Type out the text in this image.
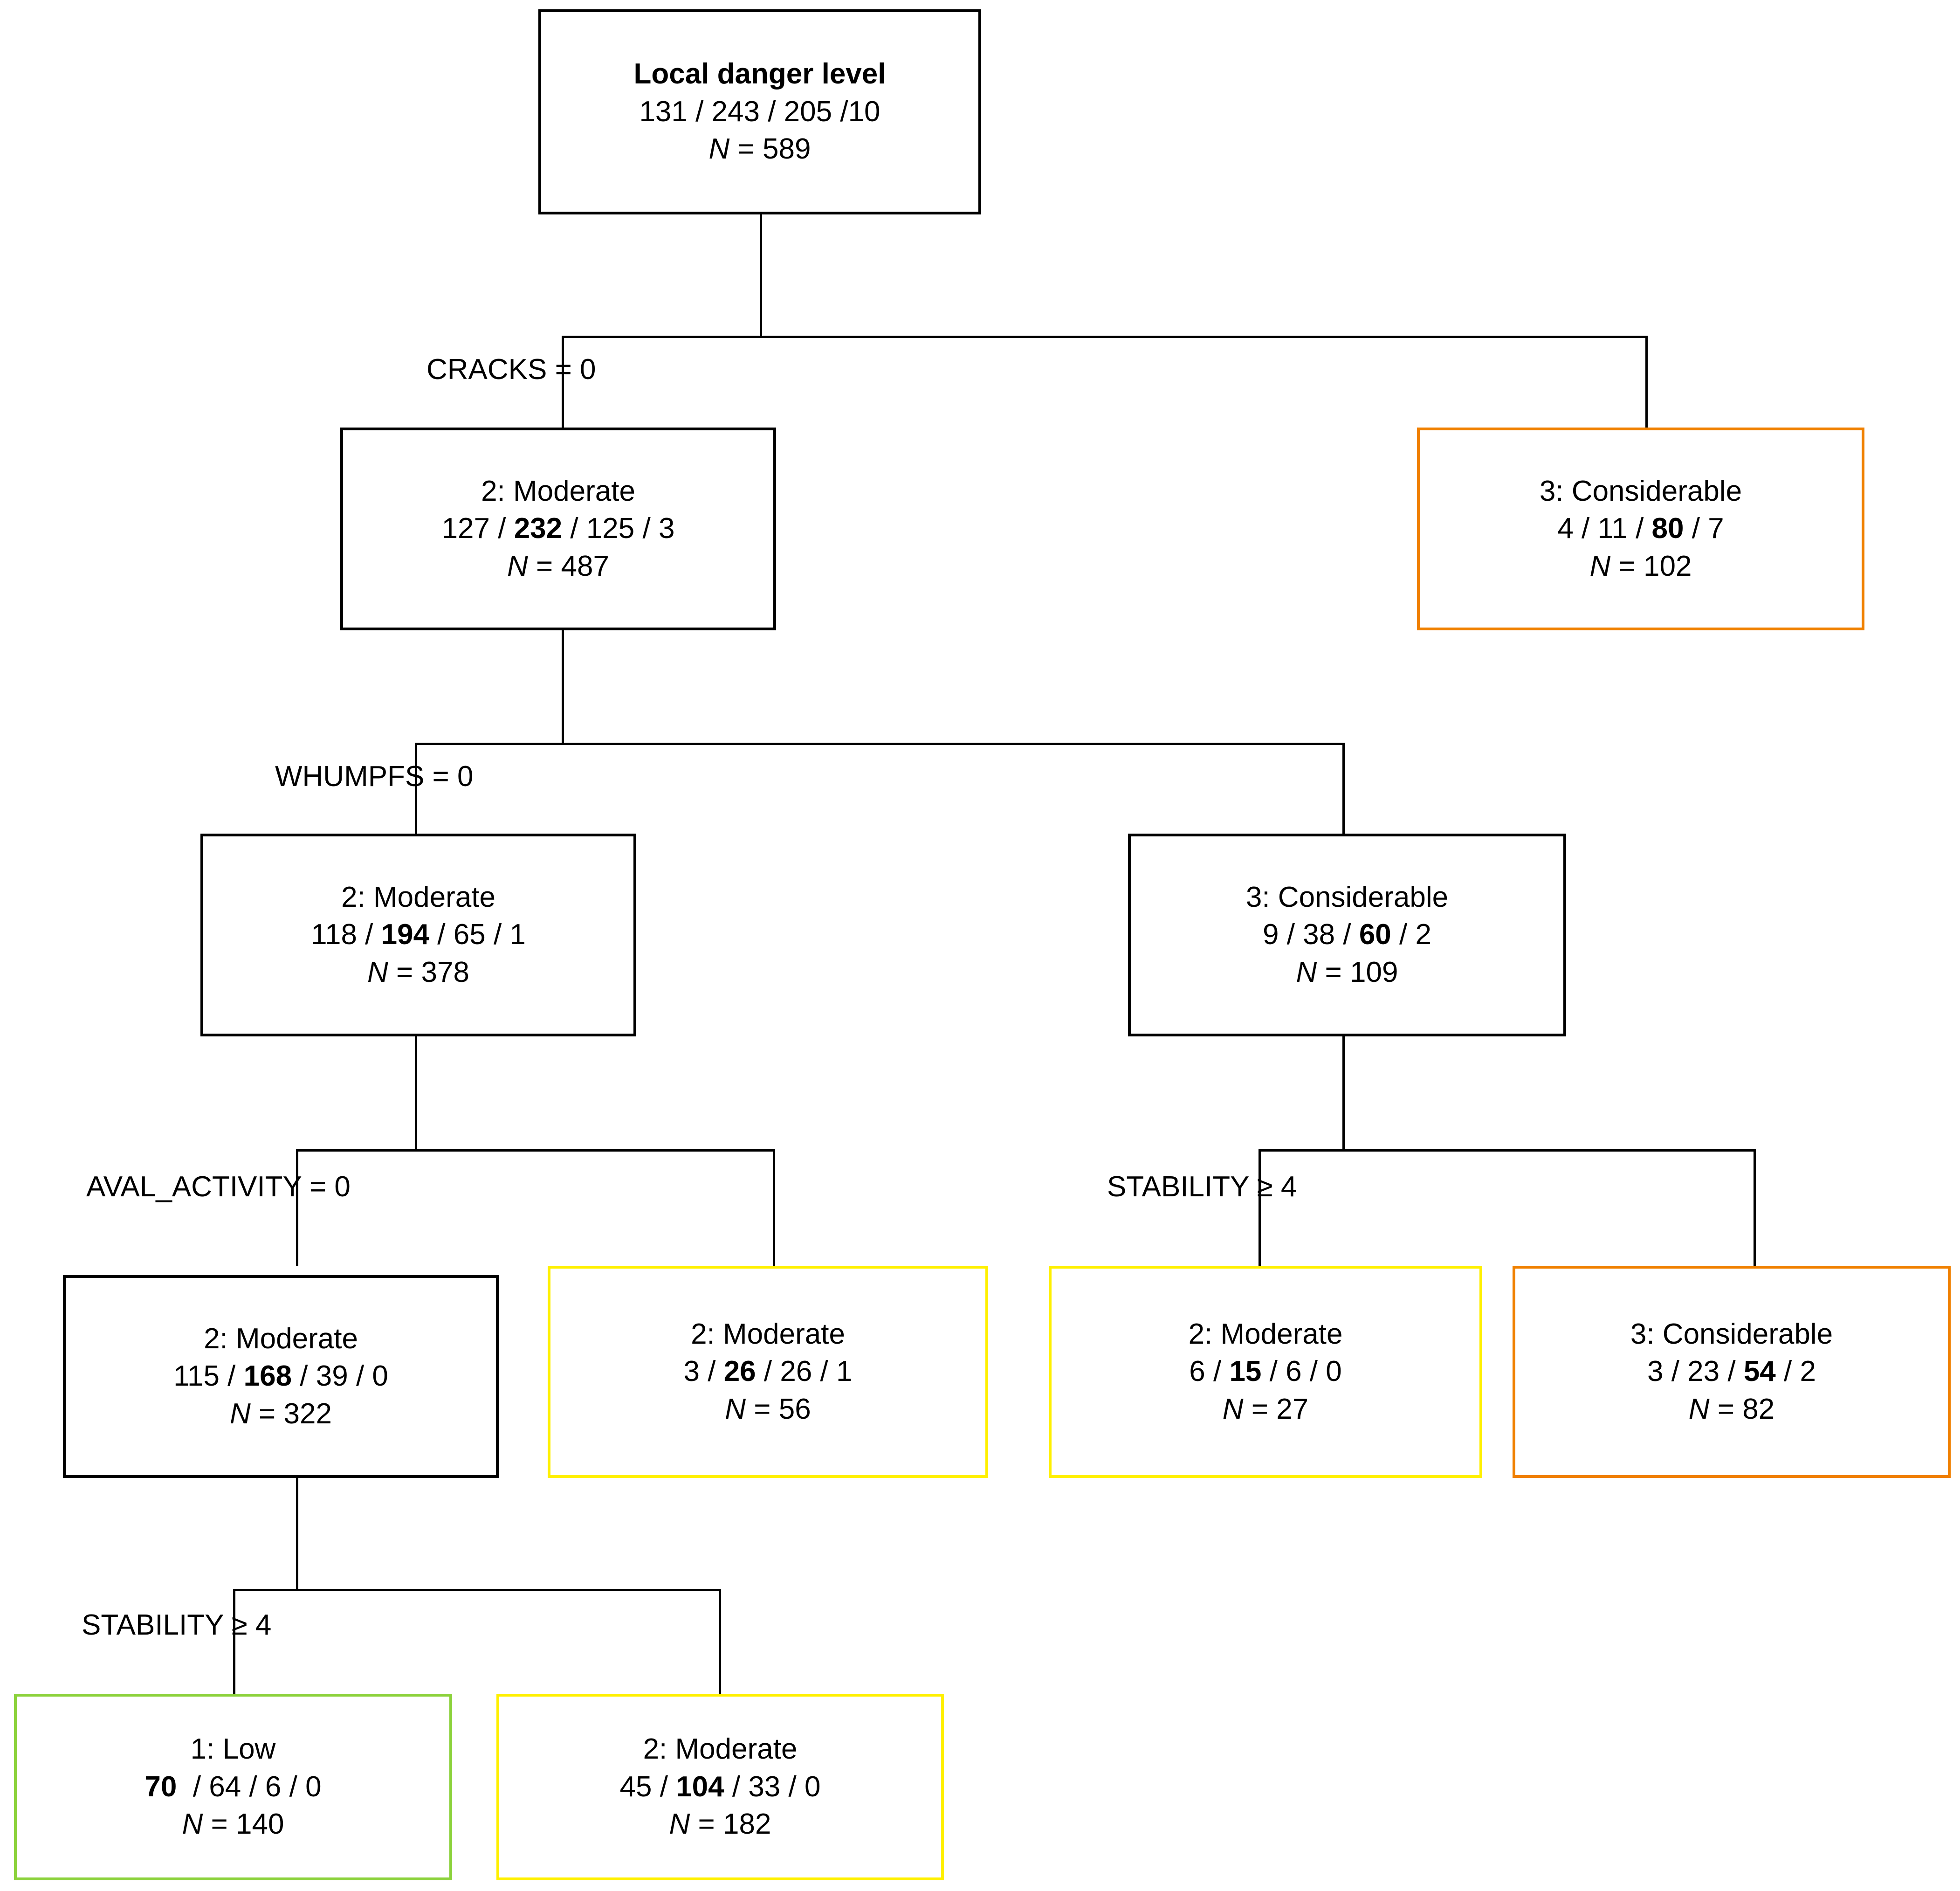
CRACKS = 0
WHUMPFS = 0
AVAL_ACTIVITY = 0	STABILITY ≥ 4
STABILITY ≥ 4
Local danger level
131 / 243 / 205 /10
N = 589
2: Moderate
127 / 232 / 125 / 3
N = 487
3: Considerable
4 / 11 / 80 / 7
N = 102
2: Moderate
118 / 194 / 65 / 1
N = 378
3: Considerable
9 / 38 / 60 / 2
N = 109
2: Moderate
115 / 168 / 39 / 0
N = 322
2: Moderate
3 / 26 / 26 / 1
N = 56
2: Moderate
6 / 15 / 6 / 0
N = 27
3: Considerable
3 / 23 / 54 / 2
N = 82
1: Low
70  / 64 / 6 / 0
N = 140
2: Moderate
45 / 104 / 33 / 0
N = 182
